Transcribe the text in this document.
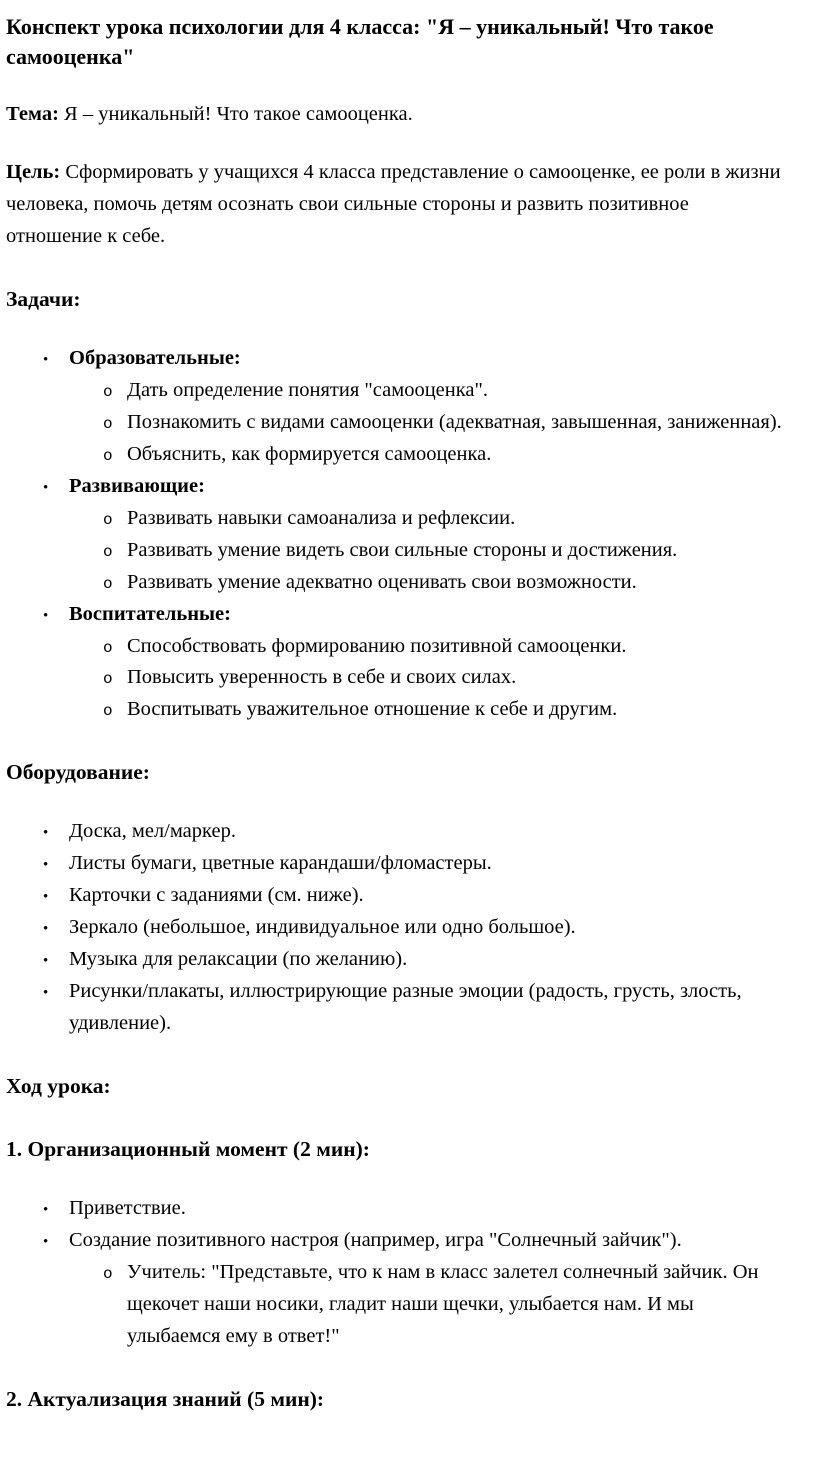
Конспект урока психологии для 4 класса: "Я – уникальный! Что такое самооценка"

Тема: Я – уникальный! Что такое самооценка.

Цель: Сформировать у учащихся 4 класса представление о самооценке, ее роли в жизни человека, помочь детям осознать свои сильные стороны и развить позитивное отношение к себе.

Задачи:

•	Образовательные:
o Дать определение понятия "самооценка".
o Познакомить с видами самооценки (адекватная, завышенная, заниженная).
o Объяснить, как формируется самооценка.
•	Развивающие:
o Развивать навыки самоанализа и рефлексии.
o Развивать умение видеть свои сильные стороны и достижения.
o Развивать умение адекватно оценивать свои возможности.
•	Воспитательные:
o Способствовать формированию позитивной самооценки.
o Повысить уверенность в себе и своих силах.
o Воспитывать уважительное отношение к себе и другим.

Оборудование:

•	Доска, мел/маркер.
•	Листы бумаги, цветные карандаши/фломастеры.
•	Карточки с заданиями (см. ниже).
•	Зеркало (небольшое, индивидуальное или одно большое).
•	Музыка для релаксации (по желанию).
•	Рисунки/плакаты, иллюстрирующие разные эмоции (радость, грусть, злость, удивление).

Ход урока:

1. Организационный момент (2 мин):

•	Приветствие.
•	Создание позитивного настроя (например, игра "Солнечный зайчик").
o Учитель: "Представьте, что к нам в класс залетел солнечный зайчик. Он щекочет наши носики, гладит наши щечки, улыбается нам. И мы улыбаемся ему в ответ!"

2. Актуализация знаний (5 мин):
